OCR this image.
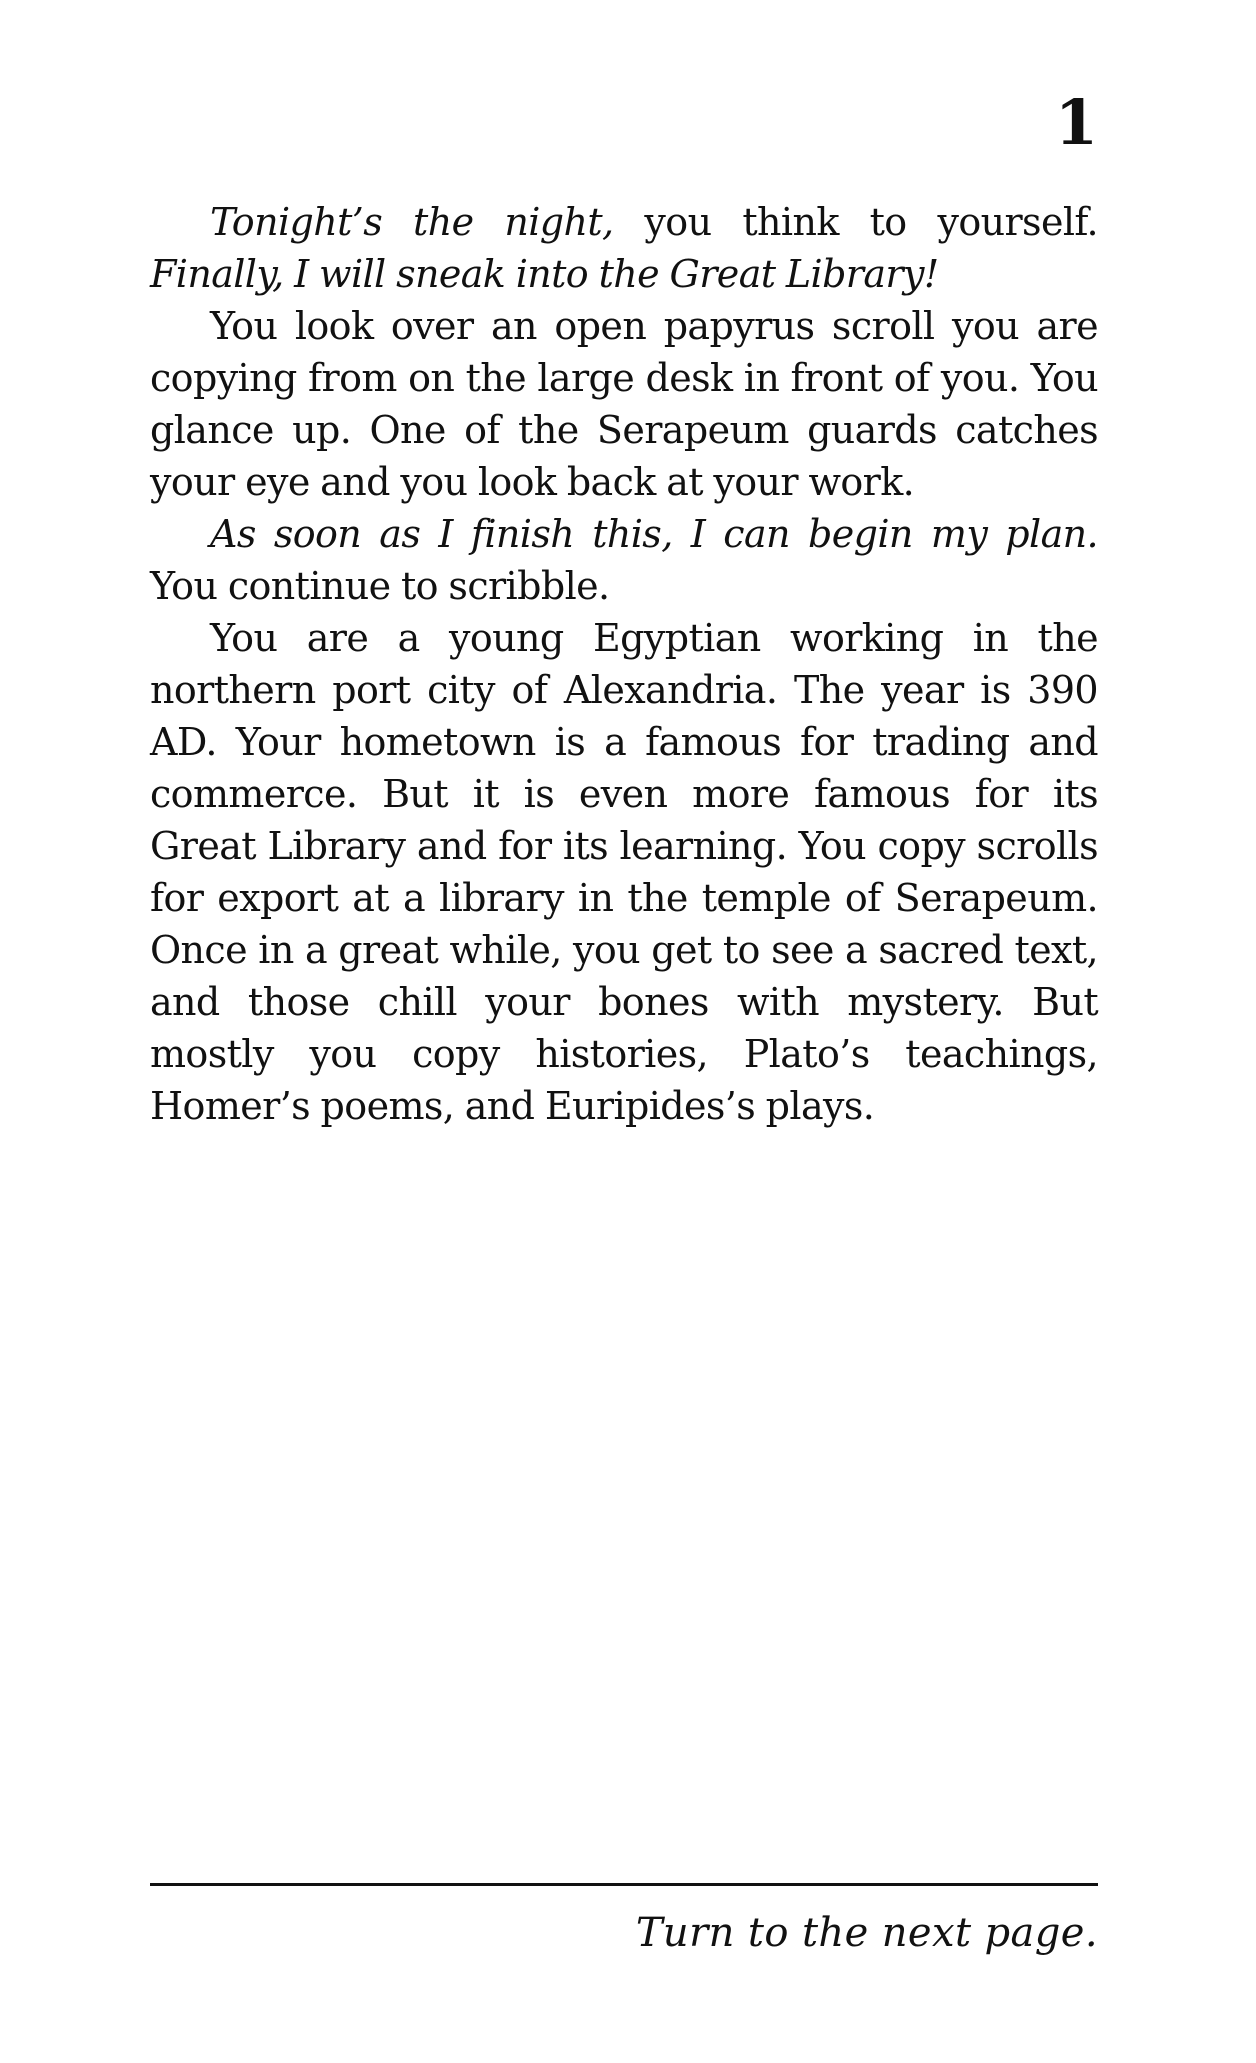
1

Tonight’s the night, you think to yourself. Finally, I will sneak into the Great Library!

You look over an open papyrus scroll you are copying from on the large desk in front of you. You glance up. One of the Serapeum guards catches your eye and you look back at your work.

As soon as I finish this, I can begin my plan. You continue to scribble.

You are a young Egyptian working in the northern port city of Alexandria. The year is 390 AD. Your hometown is a famous for trading and commerce. But it is even more famous for its Great Library and for its learning. You copy scrolls for export at a library in the temple of Serapeum. Once in a great while, you get to see a sacred text, and those chill your bones with mystery. But mostly you copy histories, Plato’s teachings, Homer’s poems, and Euripides’s plays.

Turn to the next page.
